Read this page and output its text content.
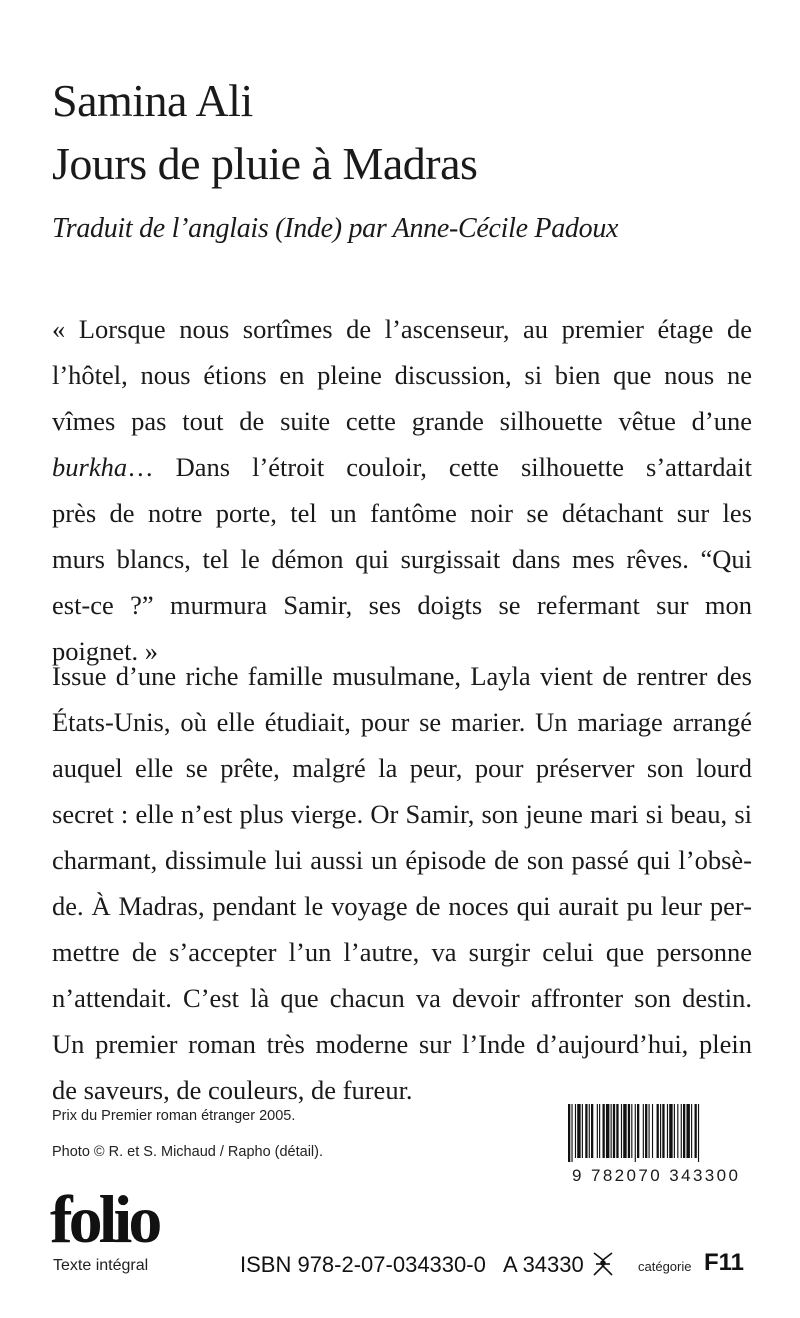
Samina Ali
Jours de pluie à Madras
Traduit de l’anglais (Inde) par Anne-Cécile Padoux
« Lorsque nous sortîmes de l’ascenseur, au premier étage de
l’hôtel, nous étions en pleine discussion, si bien que nous ne
vîmes pas tout de suite cette grande silhouette vêtue d’une
burkha… Dans l’étroit couloir, cette silhouette s’attardait
près de notre porte, tel un fantôme noir se détachant sur les
murs blancs, tel le démon qui surgissait dans mes rêves. “Qui
est-ce ?” murmura Samir, ses doigts se refermant sur mon
poignet. »
Issue d’une riche famille musulmane, Layla vient de rentrer des
États-Unis, où elle étudiait, pour se marier. Un mariage arrangé
auquel elle se prête, malgré la peur, pour préserver son lourd
secret : elle n’est plus vierge. Or Samir, son jeune mari si beau, si
charmant, dissimule lui aussi un épisode de son passé qui l’obsè-
de. À Madras, pendant le voyage de noces qui aurait pu leur per-
mettre de s’accepter l’un l’autre, va surgir celui que personne
n’attendait. C’est là que chacun va devoir affronter son destin.
Un premier roman très moderne sur l’Inde d’aujourd’hui, plein
de saveurs, de couleurs, de fureur.
Prix du Premier roman étranger 2005.
Photo © R. et S. Michaud / Rapho (détail).
9 782070 343300
folio
Texte intégral	ISBN 978-2-07-034330-0 A 34330	catégorie F11
